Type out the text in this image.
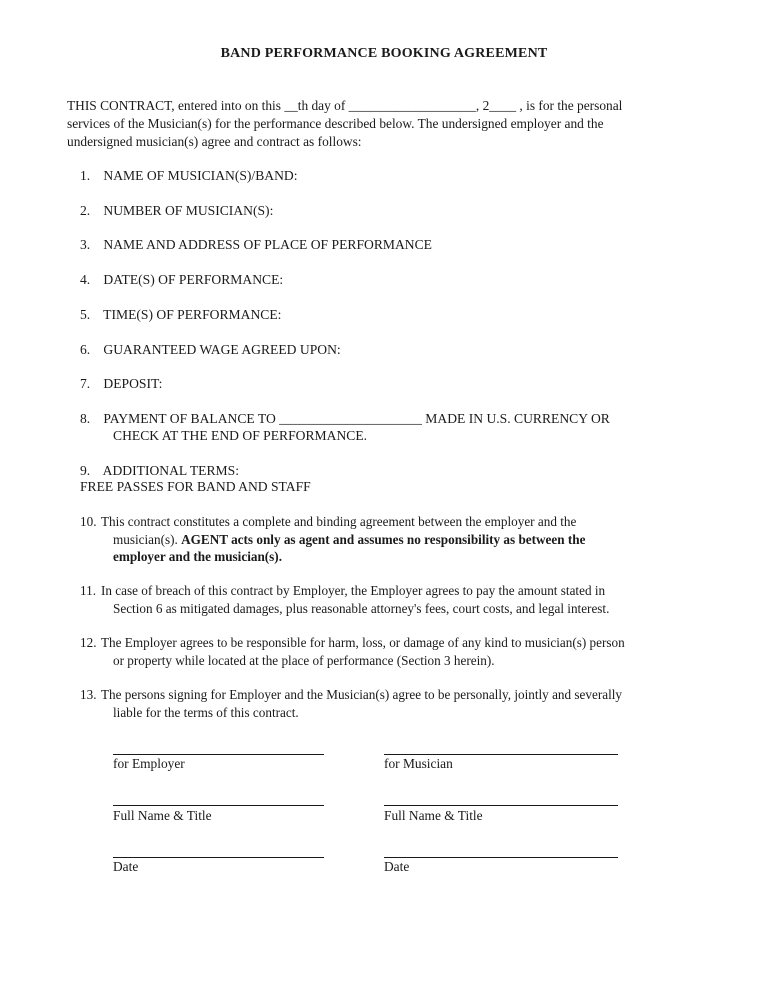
BAND PERFORMANCE BOOKING AGREEMENT
THIS CONTRACT, entered into on this __th day of ___________________, 2____ , is for the personal
services of the Musician(s) for the performance described below. The undersigned employer and the
undersigned musician(s) agree and contract as follows:
1. NAME OF MUSICIAN(S)/BAND:
2. NUMBER OF MUSICIAN(S):
3. NAME AND ADDRESS OF PLACE OF PERFORMANCE
4. DATE(S) OF PERFORMANCE:
5. TIME(S) OF PERFORMANCE:
6. GUARANTEED WAGE AGREED UPON:
7. DEPOSIT:
8. PAYMENT OF BALANCE TO _____________________ MADE IN U.S. CURRENCY OR
CHECK AT THE END OF PERFORMANCE.
9. ADDITIONAL TERMS:
FREE PASSES FOR BAND AND STAFF
10. This contract constitutes a complete and binding agreement between the employer and the
musician(s). AGENT acts only as agent and assumes no responsibility as between the
employer and the musician(s).
11. In case of breach of this contract by Employer, the Employer agrees to pay the amount stated in
Section 6 as mitigated damages, plus reasonable attorney's fees, court costs, and legal interest.
12. The Employer agrees to be responsible for harm, loss, or damage of any kind to musician(s) person
or property while located at the place of performance (Section 3 herein).
13. The persons signing for Employer and the Musician(s) agree to be personally, jointly and severally
liable for the terms of this contract.
for Employer	for Musician
Full Name & Title	Full Name & Title
Date	Date
